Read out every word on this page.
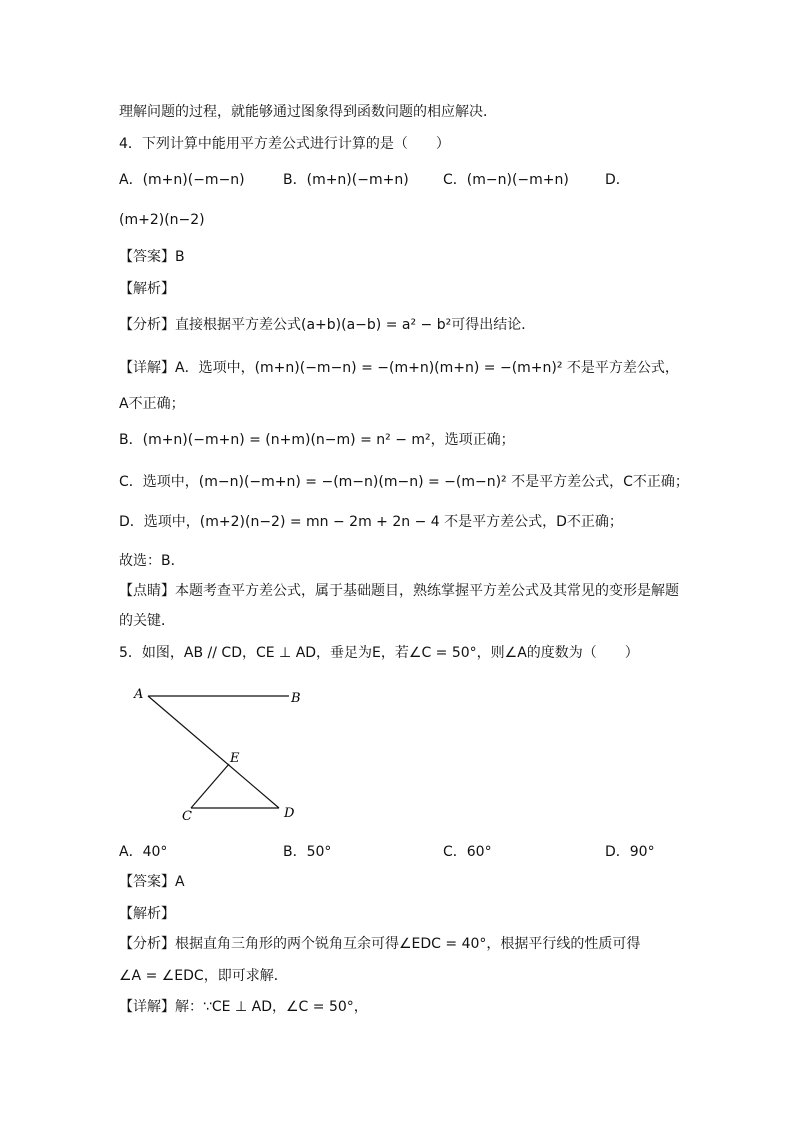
理解问题的过程，就能够通过图象得到函数问题的相应解决．
4．下列计算中能用平方差公式进行计算的是（　　）
A．(m+n)(−m−n)	B．(m+n)(−m+n) C．(m−n)(−m+n)	D．
(m+2)(n−2)
【答案】B
【解析】
【分析】直接根据平方差公式(a+b)(a−b) = a² − b²可得出结论．
【详解】A．选项中，(m+n)(−m−n) = −(m+n)(m+n) = −(m+n)² 不是平方差公式，
A不正确；
B．(m+n)(−m+n) = (n+m)(n−m) = n² − m²，选项正确；
C．选项中，(m−n)(−m+n) = −(m−n)(m−n) = −(m−n)² 不是平方差公式，C不正确；
D．选项中，(m+2)(n−2) = mn − 2m + 2n − 4 不是平方差公式，D不正确；
故选：B．
【点睛】本题考查平方差公式，属于基础题目，熟练掌握平方差公式及其常见的变形是解题
的关键．
5．如图，AB // CD，CE ⊥ AD，垂足为E，若∠C = 50°，则∠A的度数为（　　）
A	B
E
C	D
A．40°	B．50°	C．60°	D．90°
【答案】A
【解析】
【分析】根据直角三角形的两个锐角互余可得∠EDC = 40°，根据平行线的性质可得
∠A = ∠EDC，即可求解．
【详解】解：∵CE ⊥ AD，∠C = 50°，
